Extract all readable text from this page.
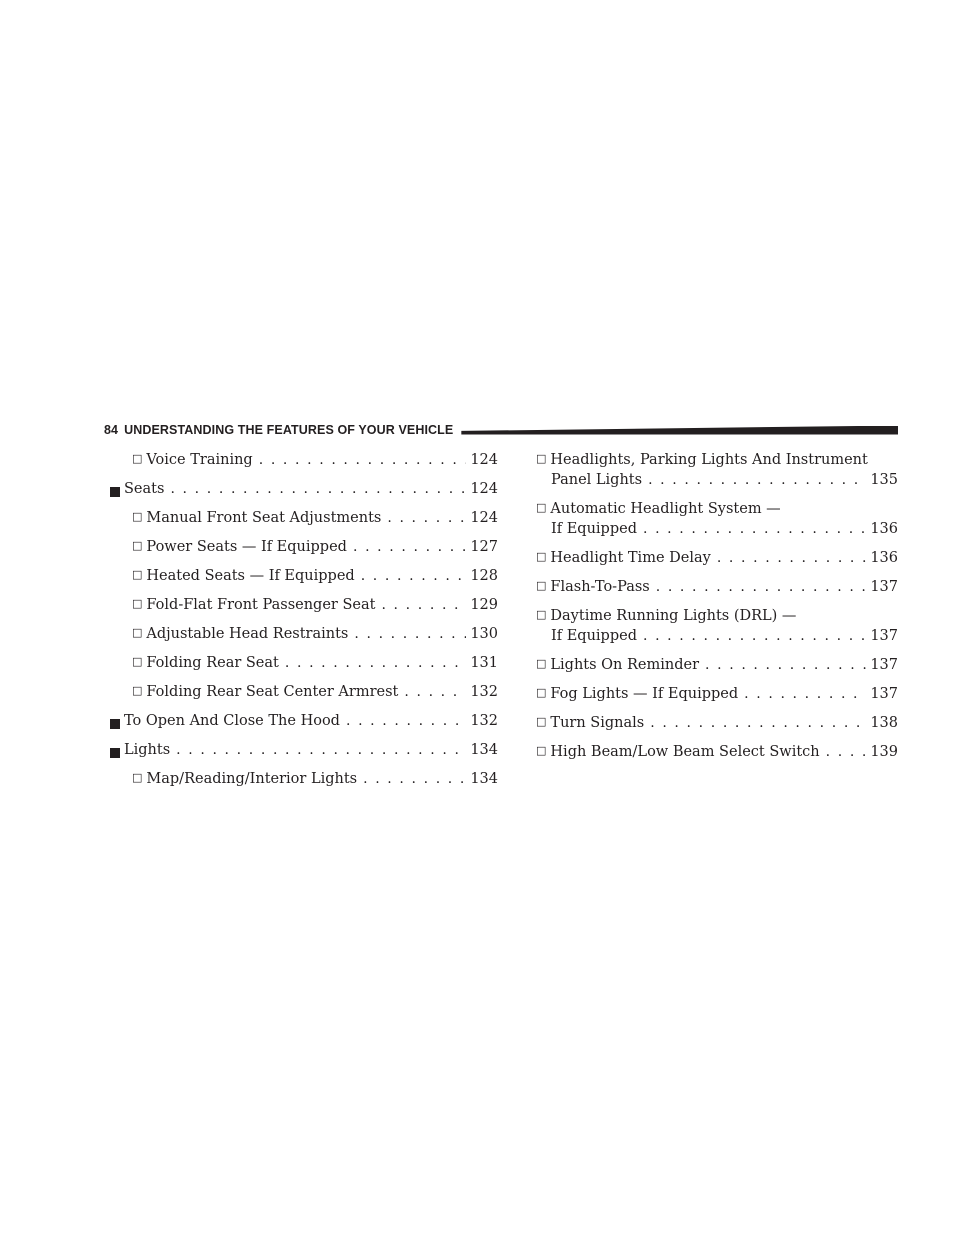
84 UNDERSTANDING THE FEATURES OF YOUR VEHICLE
□ Voice Training . . .	124
Seats . . .	124
□ Manual Front Seat Adjustments . . .	124
□ Power Seats — If Equipped . . .	127
□ Heated Seats — If Equipped . . .	128
□ Fold-Flat Front Passenger Seat . . .	129
□ Adjustable Head Restraints . . .	130
□ Folding Rear Seat . . .	131
□ Folding Rear Seat Center Armrest . . .	132
To Open And Close The Hood . . .	132
Lights . . .	134
□ Map/Reading/Interior Lights . . .	134
□ Headlights, Parking Lights And Instrument
Panel Lights . . .	135
□ Automatic Headlight System —
If Equipped . . .	136
□ Headlight Time Delay . . .	136
□ Flash-To-Pass . . .	137
□ Daytime Running Lights (DRL) —
If Equipped . . .	137
□ Lights On Reminder . . .	137
□ Fog Lights — If Equipped . . .	137
□ Turn Signals . . .	138
□ High Beam/Low Beam Select Switch . . .	139
